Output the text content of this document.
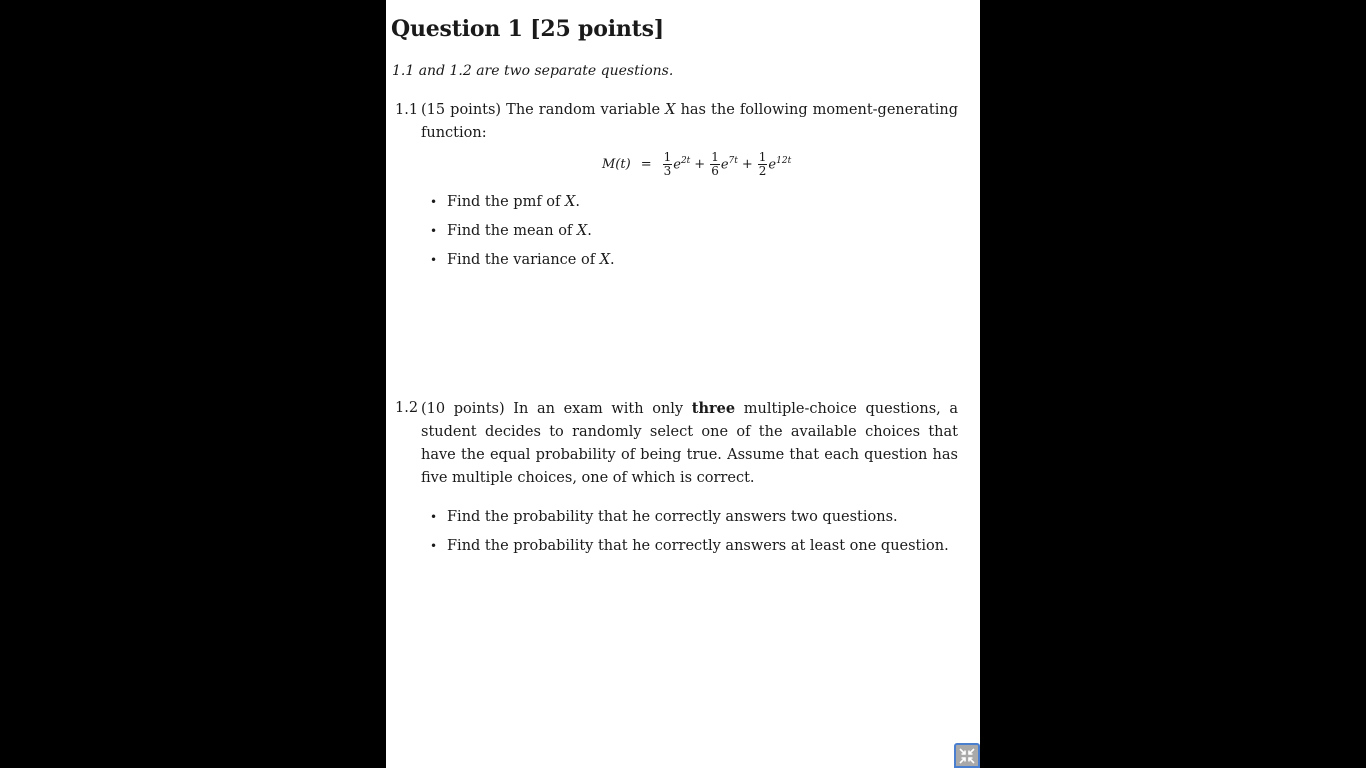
Question 1 [25 points]
1.1 and 1.2 are two separate questions.
1.1 (15 points) The random variable X has the following moment-generating function:
$M(t) = \frac{1}{3} e^{2t} + \frac{1}{6} e^{7t} + \frac{1}{2} e^{12t}$
• Find the pmf of X.
• Find the mean of X.
• Find the variance of X.
1.2 (10 points) In an exam with only three multiple-choice questions, a student decides to randomly select one of the available choices that have the equal probability of being true. Assume that each question has five multiple choices, one of which is correct.
• Find the probability that he correctly answers two questions.
• Find the probability that he correctly answers at least one question.
